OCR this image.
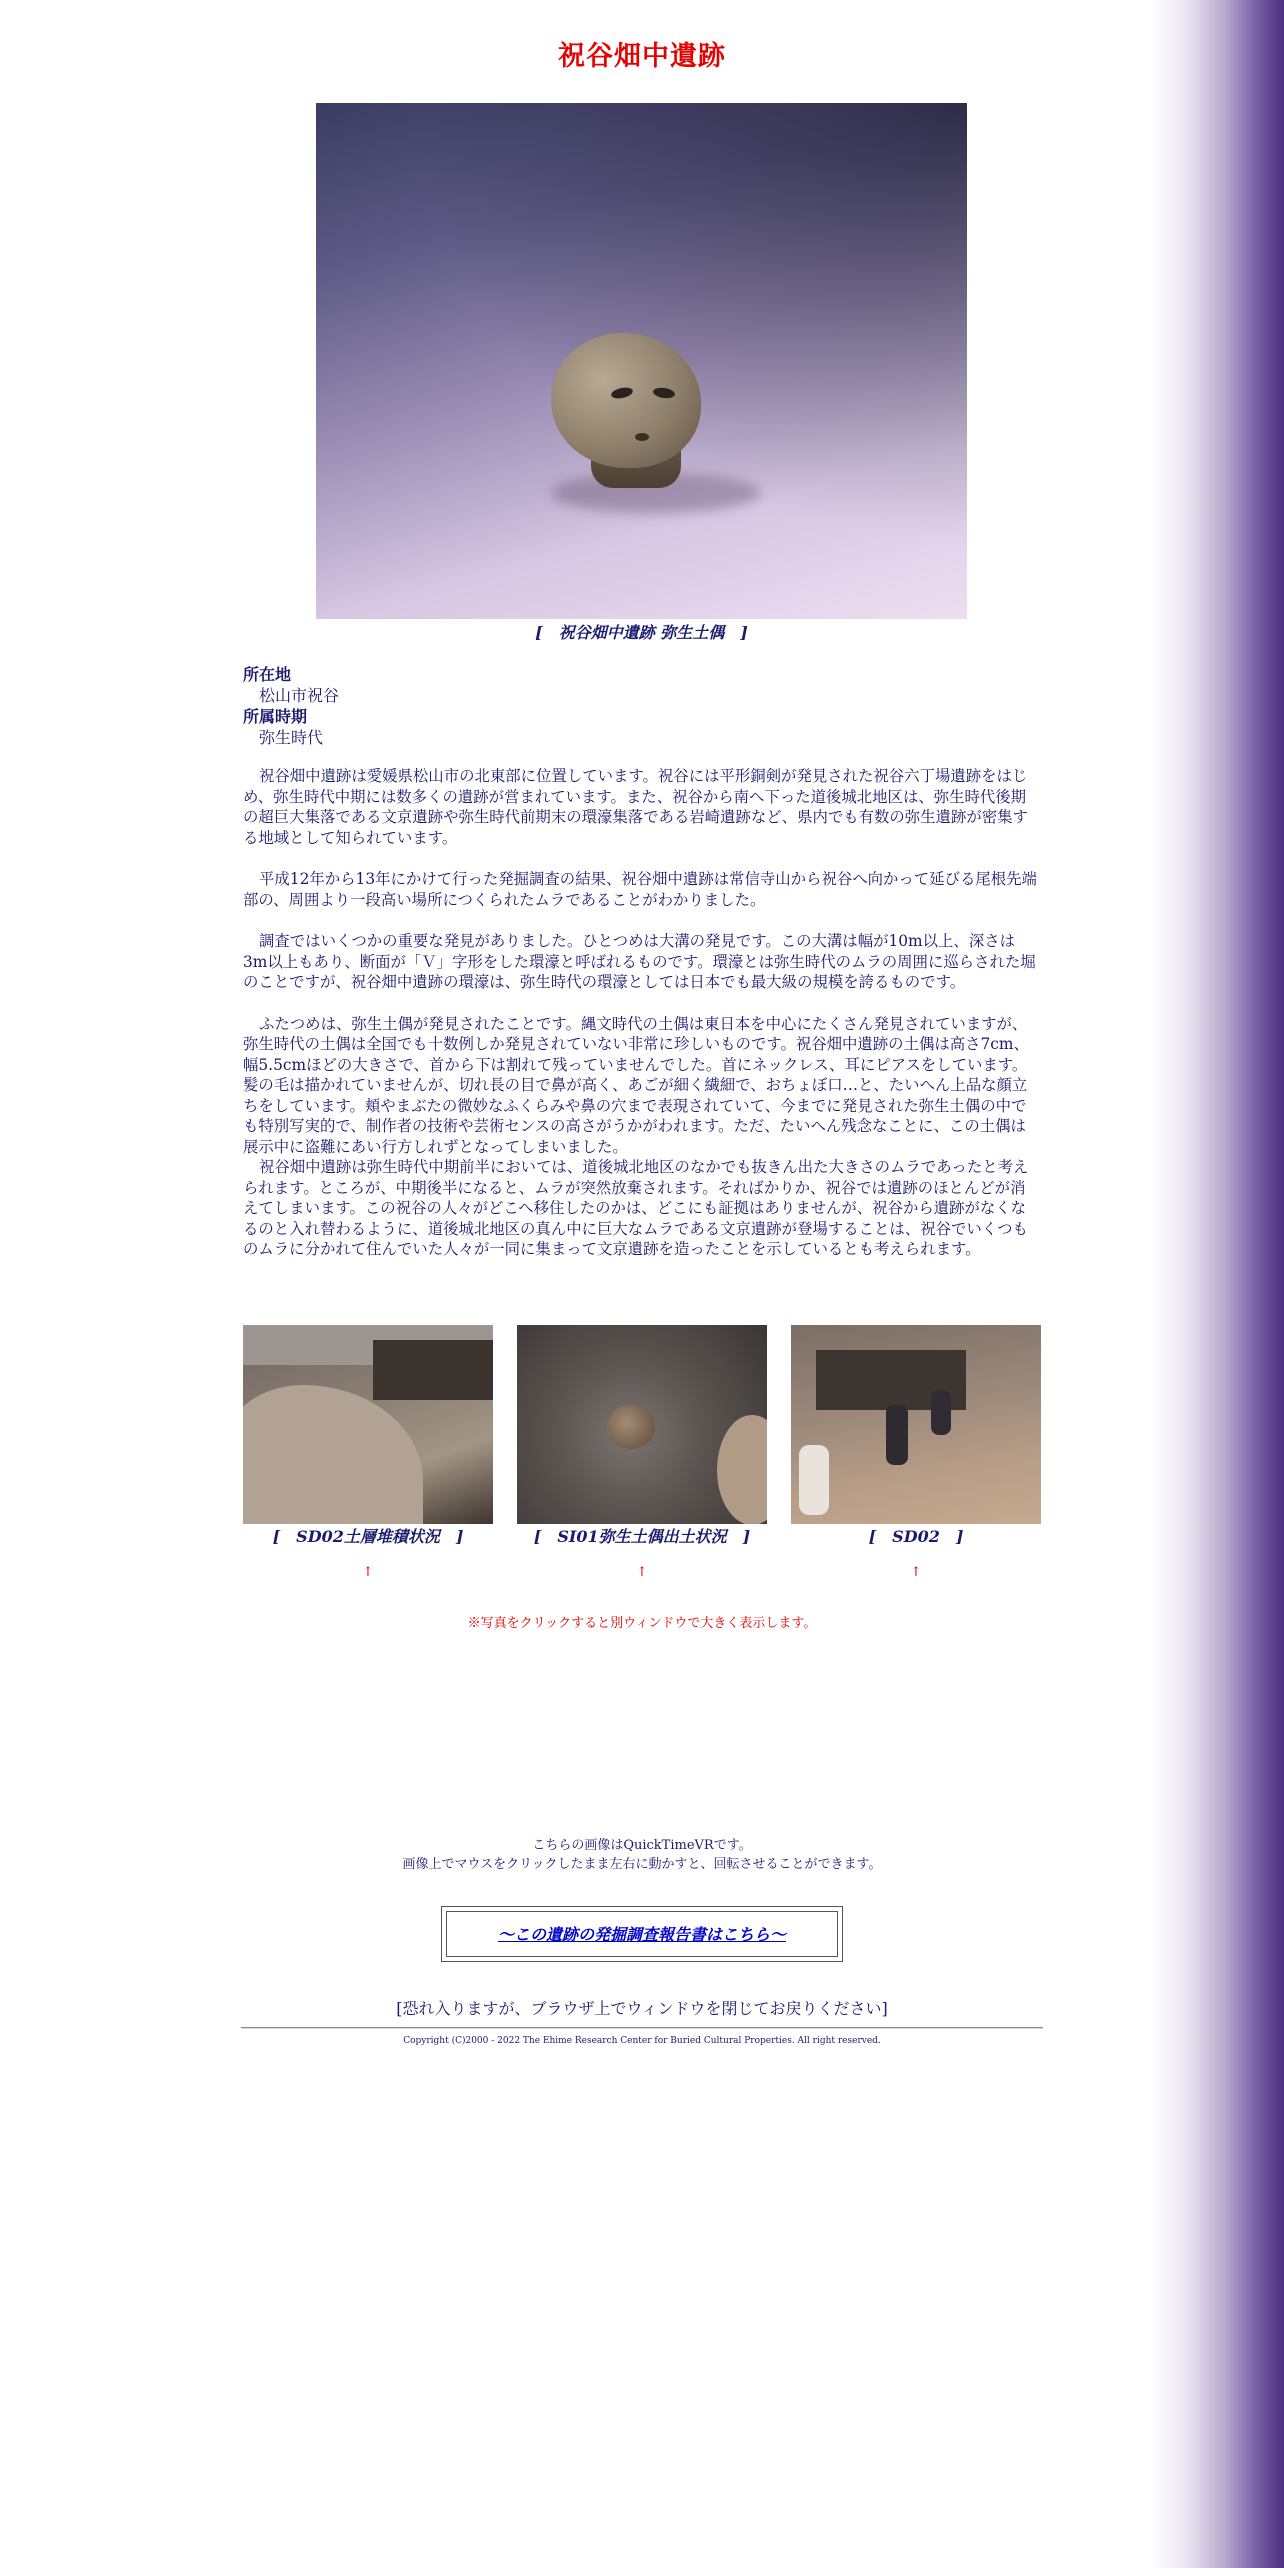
祝谷畑中遺跡
[　祝谷畑中遺跡 弥生土偶　]
所在地
松山市祝谷
所属時期
弥生時代

祝谷畑中遺跡は愛媛県松山市の北東部に位置しています。祝谷には平形銅剣が発見された祝谷六丁場遺跡をはじめ、弥生時代中期には数多くの遺跡が営まれています。また、祝谷から南へ下った道後城北地区は、弥生時代後期の超巨大集落である文京遺跡や弥生時代前期末の環濠集落である岩崎遺跡など、県内でも有数の弥生遺跡が密集する地域として知られています。

平成12年から13年にかけて行った発掘調査の結果、祝谷畑中遺跡は常信寺山から祝谷へ向かって延びる尾根先端部の、周囲より一段高い場所につくられたムラであることがわかりました。

調査ではいくつかの重要な発見がありました。ひとつめは大溝の発見です。この大溝は幅が10m以上、深さは3m以上もあり、断面が「Ｖ」字形をした環濠と呼ばれるものです。環濠とは弥生時代のムラの周囲に巡らされた堀のことですが、祝谷畑中遺跡の環濠は、弥生時代の環濠としては日本でも最大級の規模を誇るものです。

ふたつめは、弥生土偶が発見されたことです。縄文時代の土偶は東日本を中心にたくさん発見されていますが、弥生時代の土偶は全国でも十数例しか発見されていない非常に珍しいものです。祝谷畑中遺跡の土偶は高さ7cm、幅5.5cmほどの大きさで、首から下は割れて残っていませんでした。首にネックレス、耳にピアスをしています。髪の毛は描かれていませんが、切れ長の目で鼻が高く、あごが細く繊細で、おちょぼ口…と、たいへん上品な顔立ちをしています。頬やまぶたの微妙なふくらみや鼻の穴まで表現されていて、今までに発見された弥生土偶の中でも特別写実的で、制作者の技術や芸術センスの高さがうかがわれます。ただ、たいへん残念なことに、この土偶は展示中に盗難にあい行方しれずとなってしまいました。

祝谷畑中遺跡は弥生時代中期前半においては、道後城北地区のなかでも抜きん出た大きさのムラであったと考えられます。ところが、中期後半になると、ムラが突然放棄されます。そればかりか、祝谷では遺跡のほとんどが消えてしまいます。この祝谷の人々がどこへ移住したのかは、どこにも証拠はありませんが、祝谷から遺跡がなくなるのと入れ替わるように、道後城北地区の真ん中に巨大なムラである文京遺跡が登場することは、祝谷でいくつものムラに分かれて住んでいた人々が一同に集まって文京遺跡を造ったことを示しているとも考えられます。

[　SD02土層堆積状況　]	[　SI01弥生土偶出土状況　]	[　SD02　]
↑	↑	↑
※写真をクリックすると別ウィンドウで大きく表示します。
こちらの画像はQuickTimeVRです。
画像上でマウスをクリックしたまま左右に動かすと、回転させることができます。
～この遺跡の発掘調査報告書はこちら～
[恐れ入りますが、ブラウザ上でウィンドウを閉じてお戻りください]
Copyright (C)2000 - 2022 The Ehime Research Center for Buried Cultural Properties. All right reserved.
